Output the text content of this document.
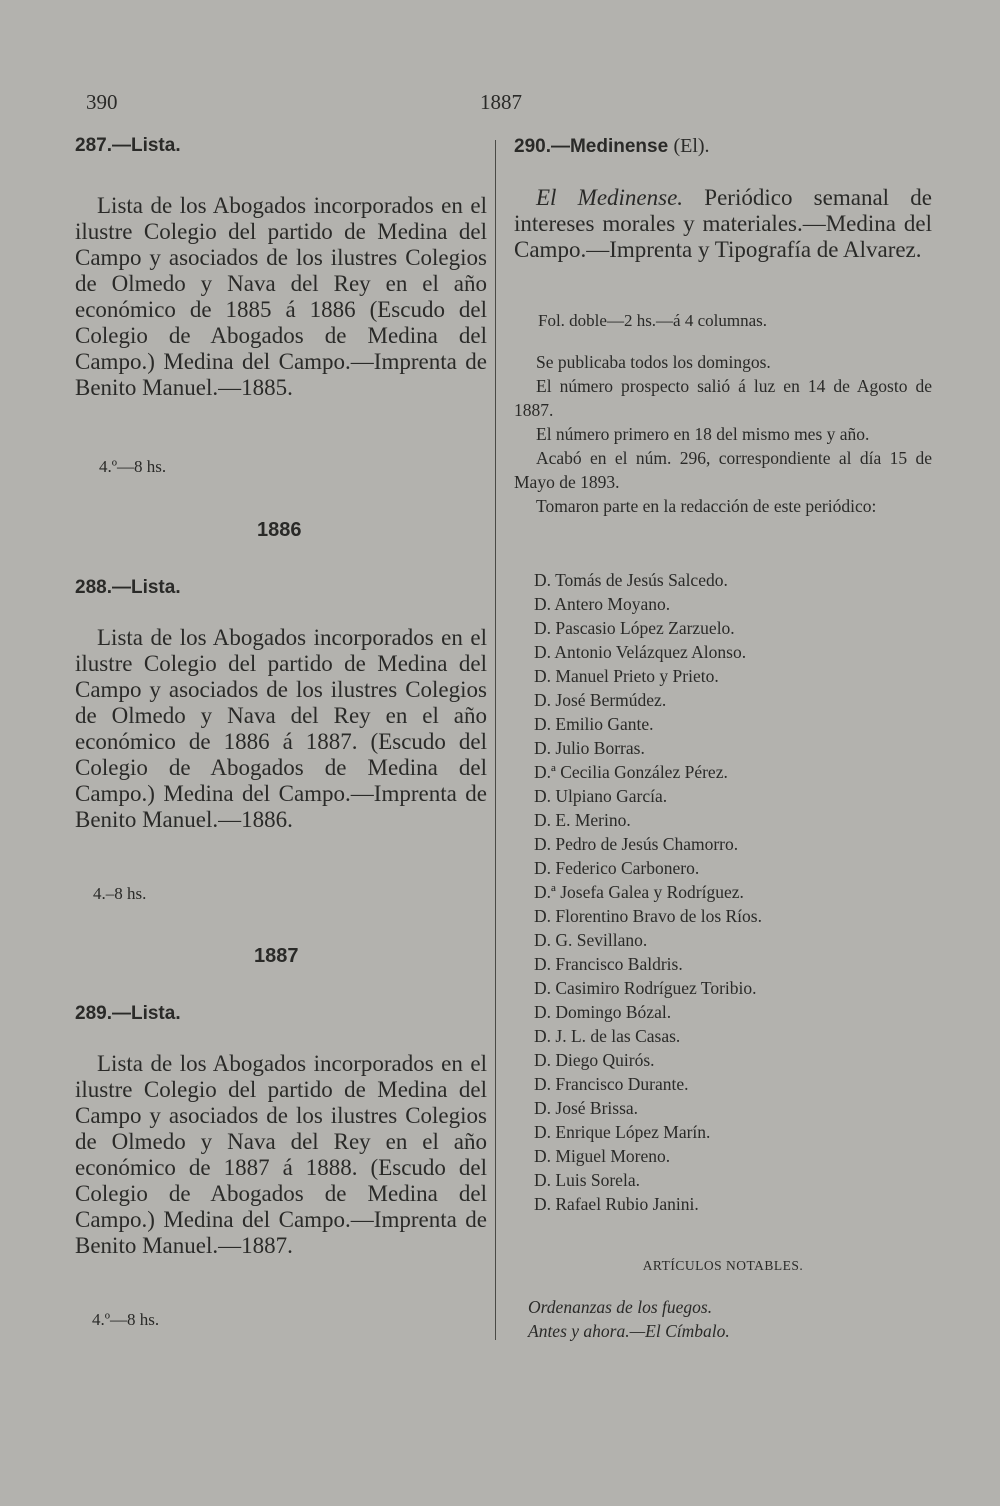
390	1887
287.—Lista.

Lista de los Abogados incorporados en el ilustre Colegio del partido de Medina del Campo y asociados de los ilustres Colegios de Olmedo y Nava del Rey en el año económico de 1885 á 1886 (Escudo del Colegio de Abogados de Medina del Campo.) Medina del Campo.—Imprenta de Benito Manuel.—1885.

4.º—8 hs.
1886
288.—Lista.

Lista de los Abogados incorporados en el ilustre Colegio del partido de Medina del Campo y asociados de los ilustres Colegios de Olmedo y Nava del Rey en el año económico de 1886 á 1887. (Escudo del Colegio de Abogados de Medina del Campo.) Medina del Campo.—Imprenta de Benito Manuel.—1886.

4.–8 hs.
1887
289.—Lista.

Lista de los Abogados incorporados en el ilustre Colegio del partido de Medina del Campo y asociados de los ilustres Colegios de Olmedo y Nava del Rey en el año económico de 1887 á 1888. (Escudo del Colegio de Abogados de Medina del Campo.) Medina del Campo.—Imprenta de Benito Manuel.—1887.

4.º—8 hs.
290.—Medinense (El).

El Medinense. Periódico semanal de intereses morales y materiales.—Medina del Campo.—Imprenta y Tipografía de Alvarez.

Fol. doble—2 hs.—á 4 columnas.

Se publicaba todos los domingos.

El número prospecto salió á luz en 14 de Agosto de 1887.

El número primero en 18 del mismo mes y año.

Acabó en el núm. 296, correspondiente al día 15 de Mayo de 1893.

Tomaron parte en la redacción de este periódico:

D. Tomás de Jesús Salcedo.
D. Antero Moyano.
D. Pascasio López Zarzuelo.
D. Antonio Velázquez Alonso.
D. Manuel Prieto y Prieto.
D. José Bermúdez.
D. Emilio Gante.
D. Julio Borras.
D.ª Cecilia González Pérez.
D. Ulpiano García.
D. E. Merino.
D. Pedro de Jesús Chamorro.
D. Federico Carbonero.
D.ª Josefa Galea y Rodríguez.
D. Florentino Bravo de los Ríos.
D. G. Sevillano.
D. Francisco Baldris.
D. Casimiro Rodríguez Toribio.
D. Domingo Bózal.
D. J. L. de las Casas.
D. Diego Quirós.
D. Francisco Durante.
D. José Brissa.
D. Enrique López Marín.
D. Miguel Moreno.
D. Luis Sorela.
D. Rafael Rubio Janini.
ARTÍCULOS NOTABLES.
Ordenanzas de los fuegos.
Antes y ahora.—El Címbalo.
